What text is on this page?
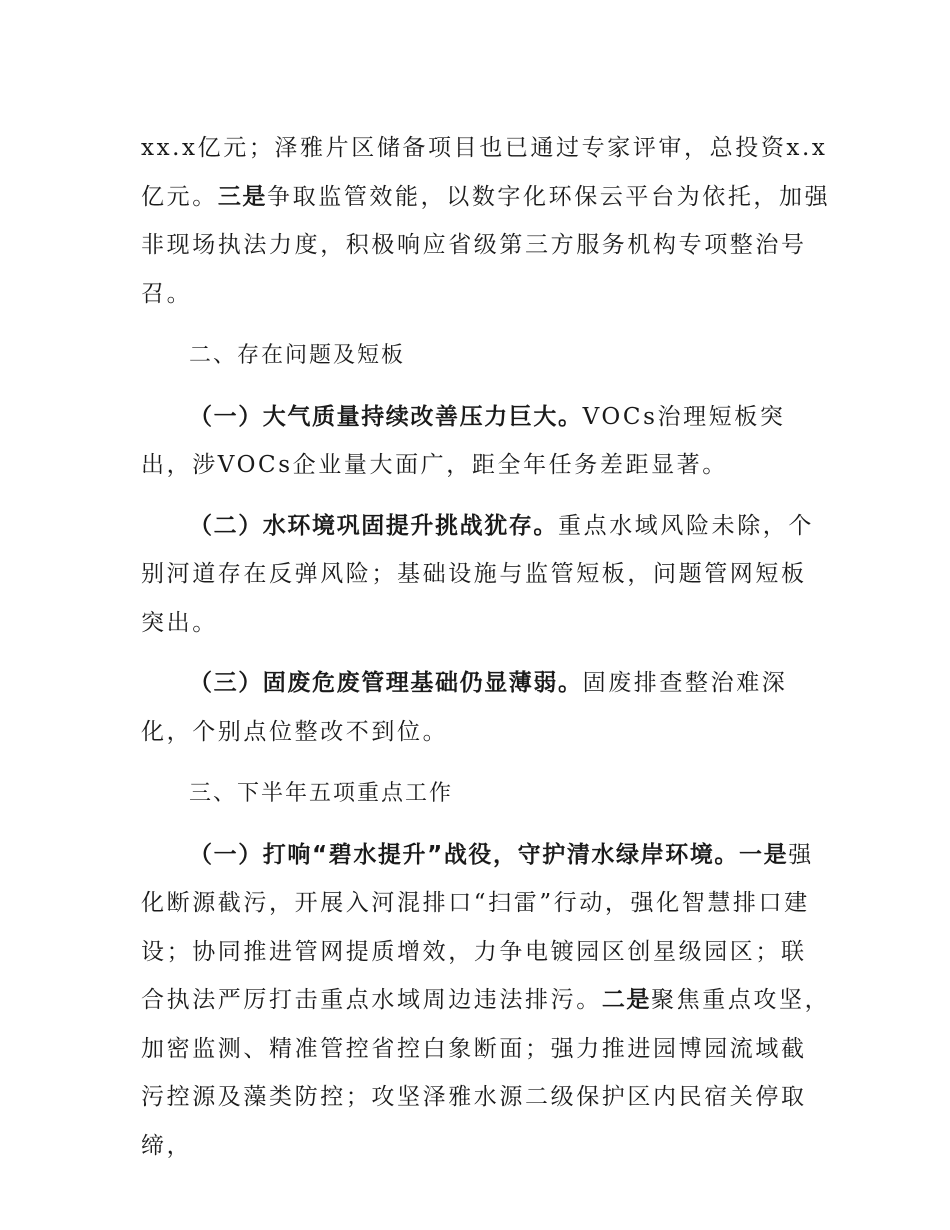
xx.x亿元；泽雅片区储备项目也已通过专家评审，总投资x.x亿元。三是争取监管效能，以数字化环保云平台为依托，加强非现场执法力度，积极响应省级第三方服务机构专项整治号召。

二、存在问题及短板

（一）大气质量持续改善压力巨大。VOCs治理短板突出，涉VOCs企业量大面广，距全年任务差距显著。

（二）水环境巩固提升挑战犹存。重点水域风险未除，个别河道存在反弹风险；基础设施与监管短板，问题管网短板突出。

（三）固废危废管理基础仍显薄弱。固废排查整治难深化，个别点位整改不到位。

三、下半年五项重点工作

（一）打响“碧水提升”战役，守护清水绿岸环境。一是强化断源截污，开展入河混排口“扫雷”行动，强化智慧排口建设；协同推进管网提质增效，力争电镀园区创星级园区；联合执法严厉打击重点水域周边违法排污。二是聚焦重点攻坚，加密监测、精准管控省控白象断面；强力推进园博园流域截污控源及藻类防控；攻坚泽雅水源二级保护区内民宿关停取缔，
